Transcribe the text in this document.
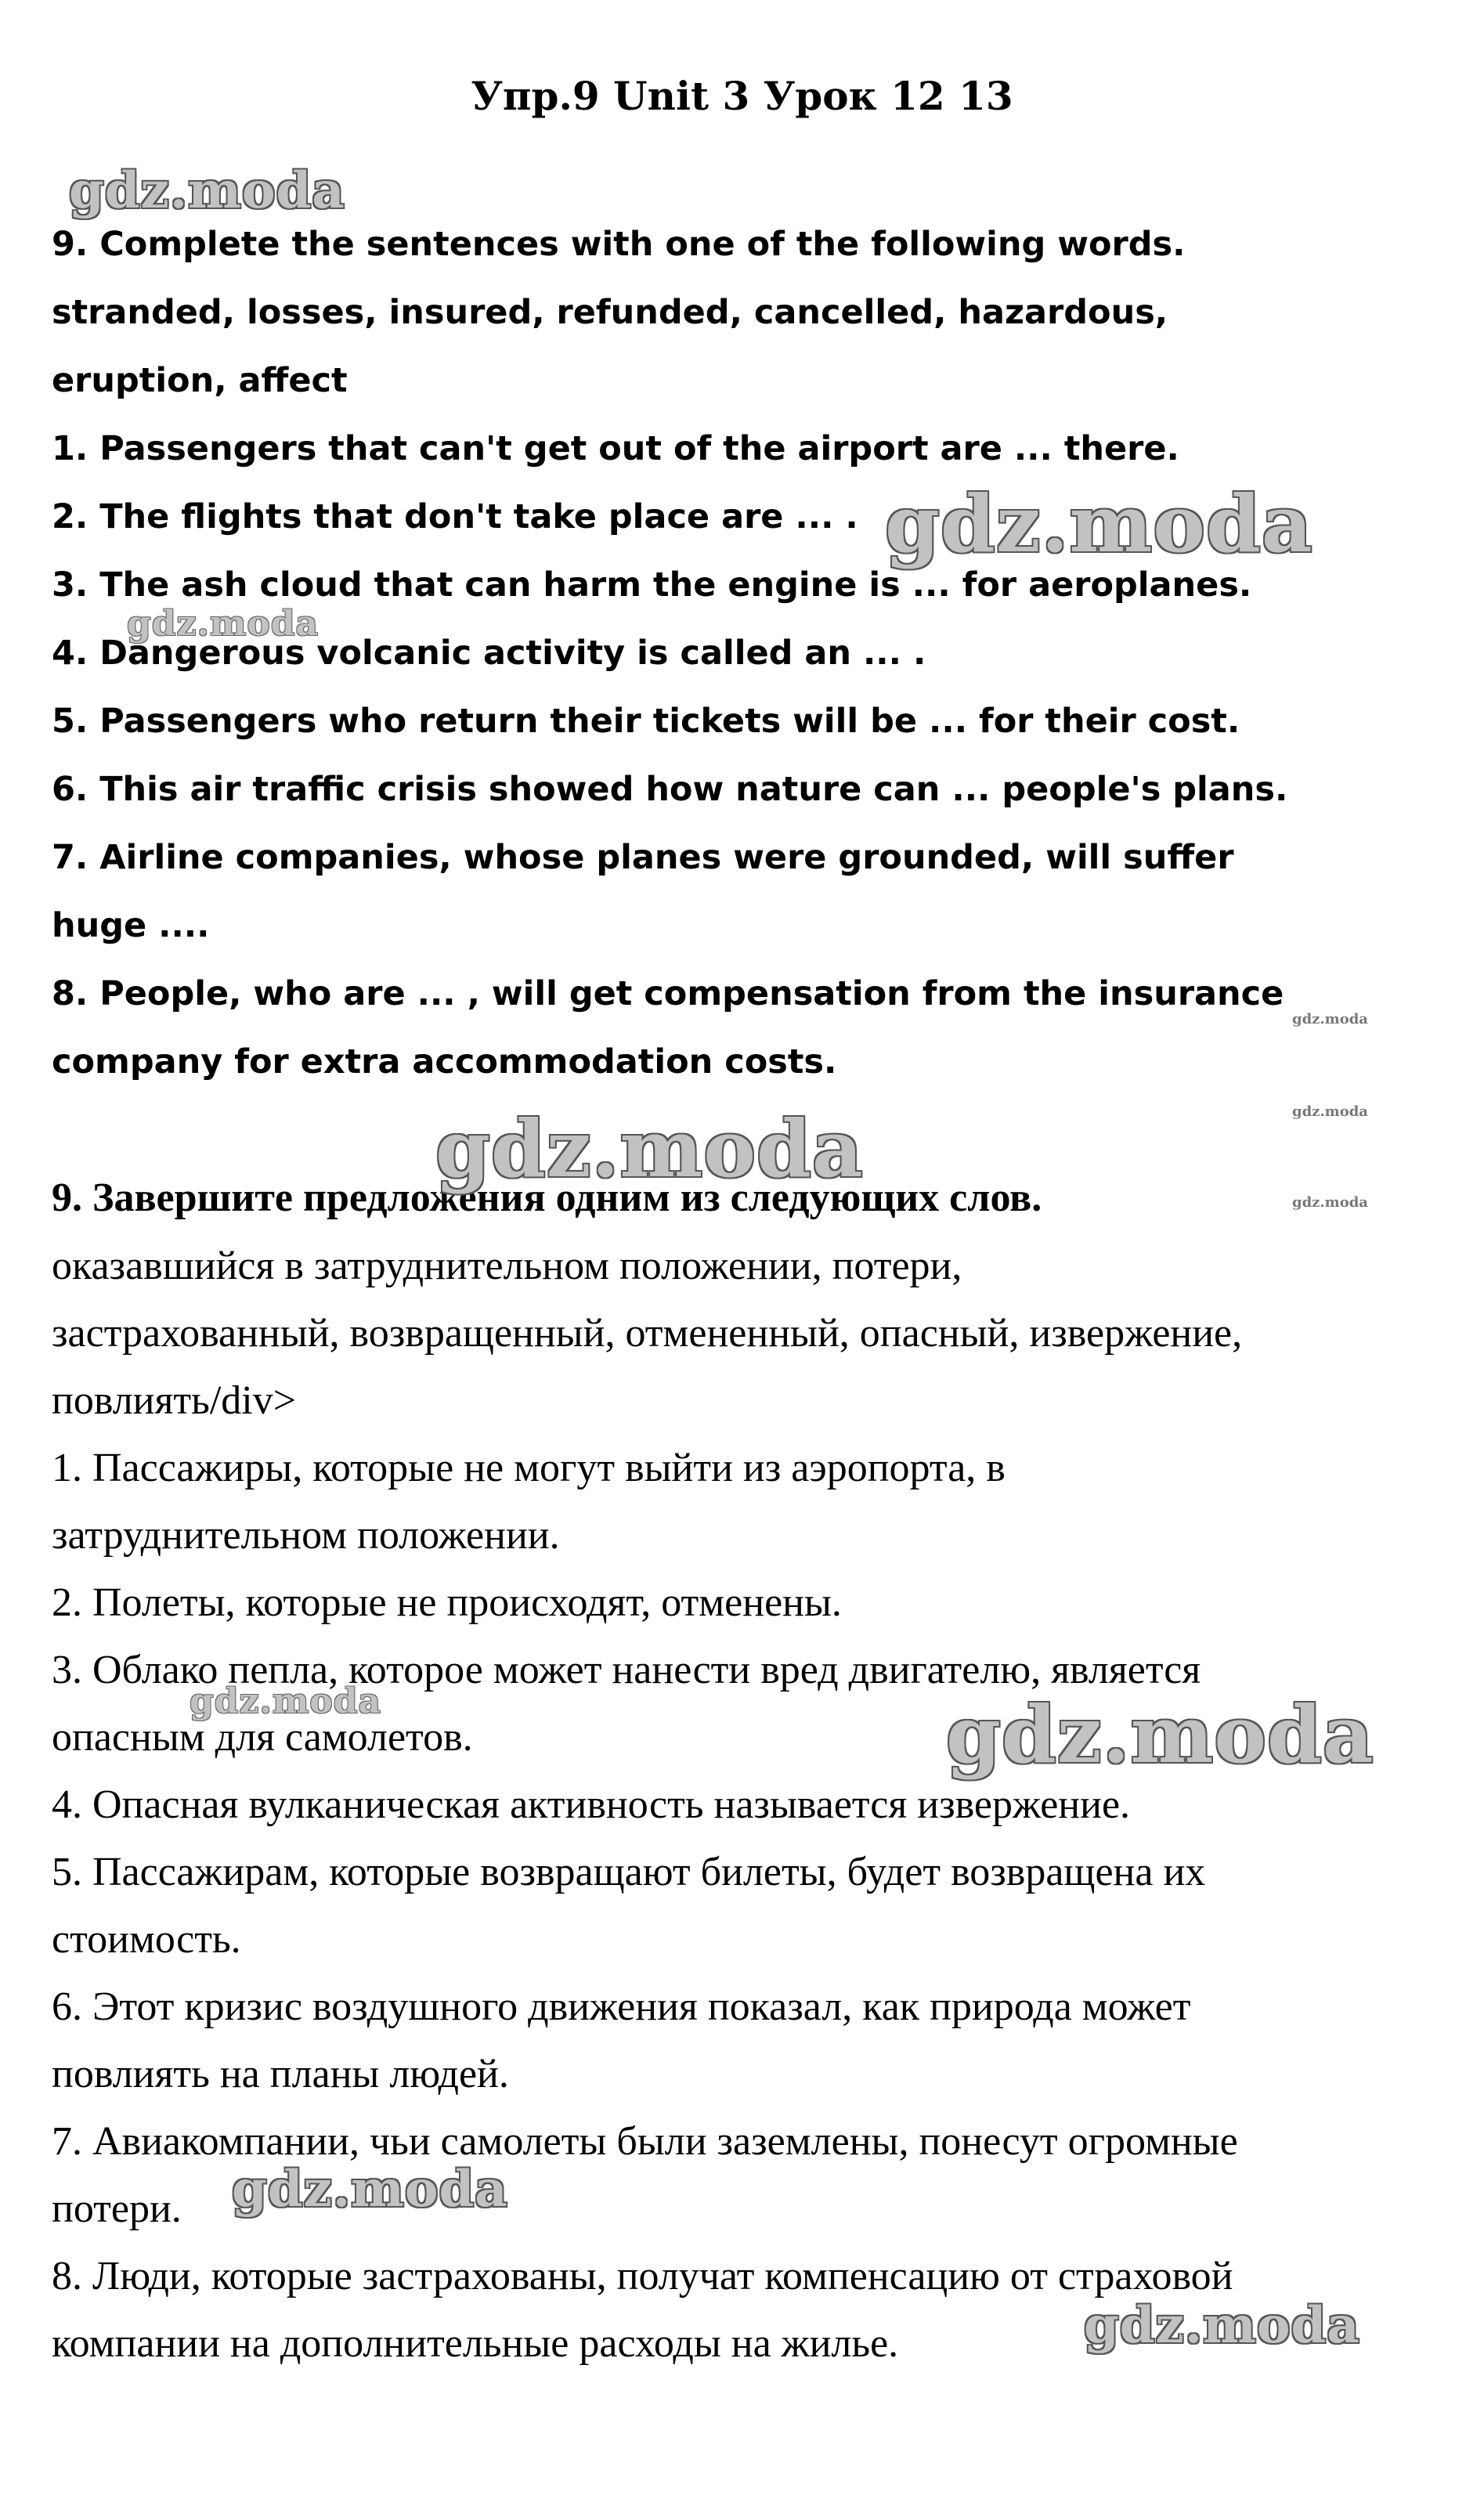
Упр.9 Unit 3 Урок 12 13
9. Complete the sentences with one of the following words.
stranded, losses, insured, refunded, cancelled, hazardous,
eruption, affect
1. Passengers that can't get out of the airport are ... there.
2. The flights that don't take place are ... .
3. The ash cloud that can harm the engine is ... for aeroplanes.
4. Dangerous volcanic activity is called an ... .
5. Passengers who return their tickets will be ... for their cost.
6. This air traffic crisis showed how nature can ... people's plans.
7. Airline companies, whose planes were grounded, will suffer
huge ....
8. People, who are ... , will get compensation from the insurance
company for extra accommodation costs.
9. Завершите предложения одним из следующих слов.
оказавшийся в затруднительном положении, потери,
застрахованный, возвращенный, отмененный, опасный, извержение,
повлиять/div>
1. Пассажиры, которые не могут выйти из аэропорта, в
затруднительном положении.
2. Полеты, которые не происходят, отменены.
3. Облако пепла, которое может нанести вред двигателю, является
опасным для самолетов.
4. Опасная вулканическая активность называется извержение.
5. Пассажирам, которые возвращают билеты, будет возвращена их
стоимость.
6. Этот кризис воздушного движения показал, как природа может
повлиять на планы людей.
7. Авиакомпании, чьи самолеты были заземлены, понесут огромные
потери.
8. Люди, которые застрахованы, получат компенсацию от страховой
компании на дополнительные расходы на жилье.
gdz.moda
gdz.moda
gdz.moda
gdz.moda
gdz.moda
gdz.moda
gdz.moda
gdz.moda	gdz.moda
gdz.moda
gdz.moda
